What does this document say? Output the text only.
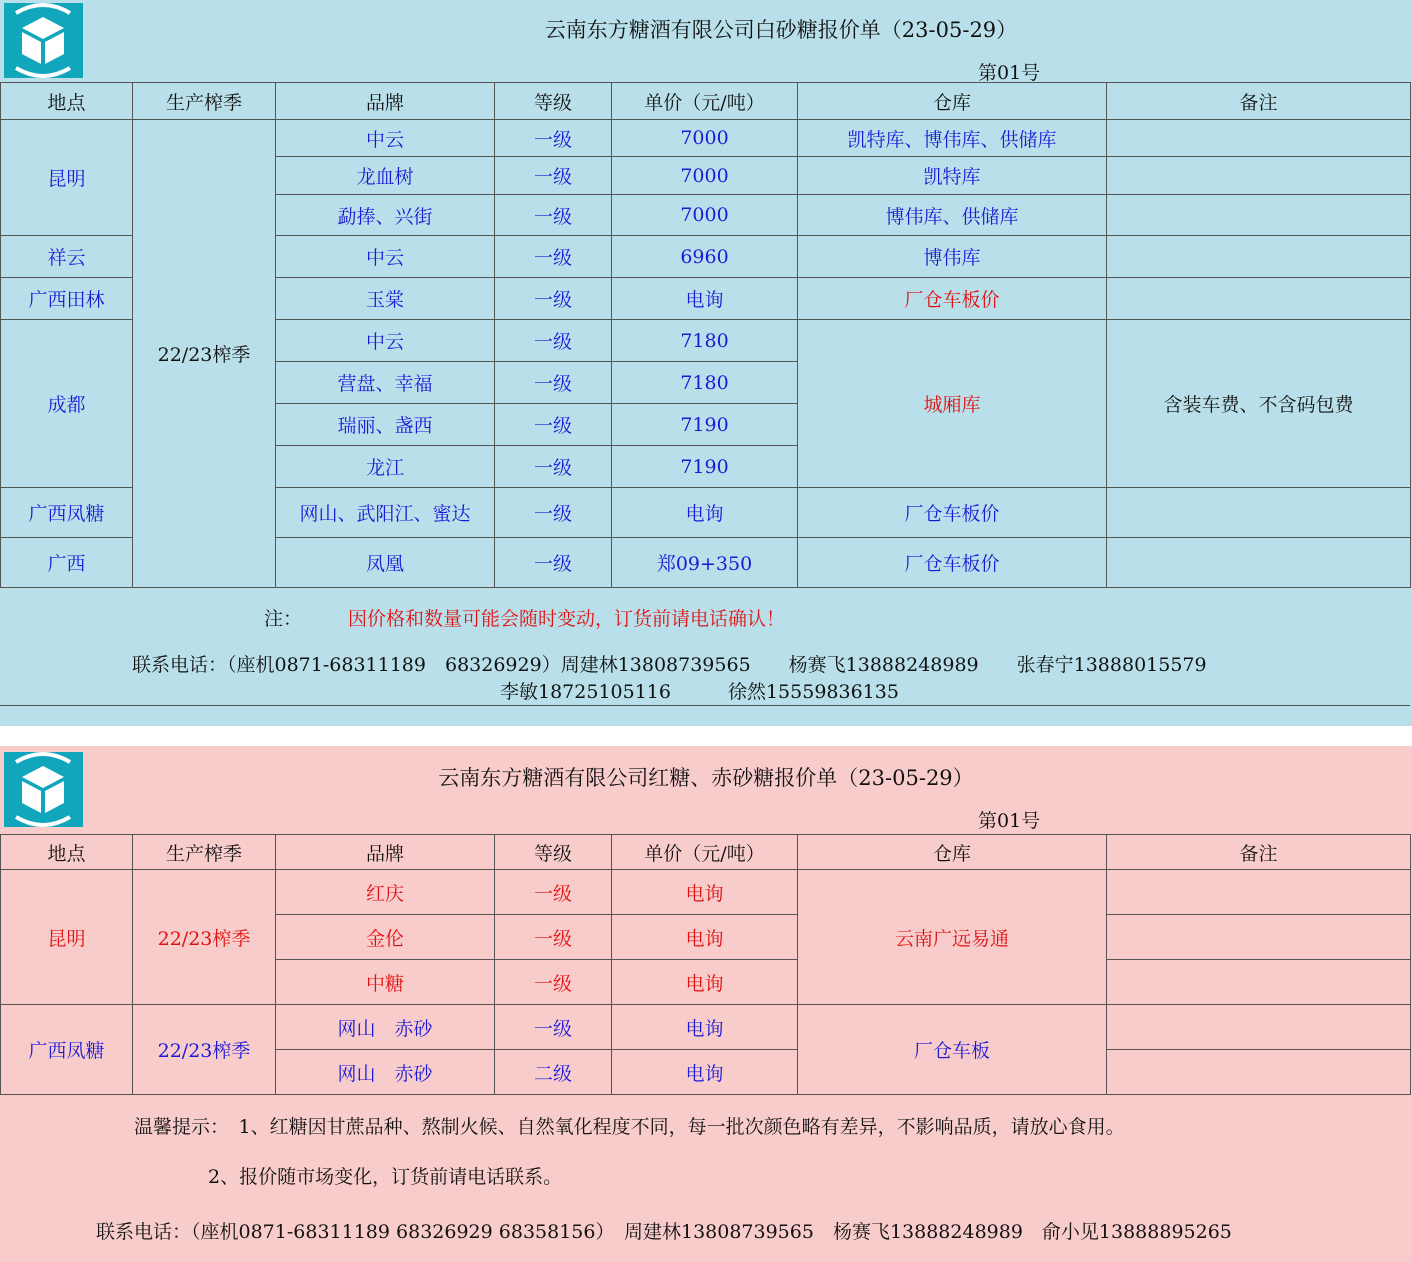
云南东方糖酒有限公司白砂糖报价单（23-05-29）
第01号
地点	生产榨季	品牌	等级	单价（元/吨）	仓库	备注
昆明	22/23榨季	中云	一级	7000	凯特库、博伟库、供储库	
		龙血树	一级	7000	凯特库	
		勐捧、兴街	一级	7000	博伟库、供储库	
祥云		中云	一级	6960	博伟库	
广西田林		玉棠	一级	电询	厂仓车板价	
成都		中云	一级	7180	城厢库	含装车费、不含码包费
		营盘、幸福	一级	7180		
		瑞丽、盏西	一级	7190		
		龙江	一级	7190		
广西凤糖		网山、武阳江、蜜达	一级	电询	厂仓车板价	
广西		凤凰	一级	郑09+350	厂仓车板价	
注： 因价格和数量可能会随时变动，订货前请电话确认！
联系电话：（座机0871-68311189　68326929）周建林13808739565　　杨赛飞13888248989　　张春宁13888015579
李敏18725105116　　　徐然15559836135
云南东方糖酒有限公司红糖、赤砂糖报价单（23-05-29）
第01号
地点	生产榨季	品牌	等级	单价（元/吨）	仓库	备注
昆明	22/23榨季	红庆	一级	电询	云南广远易通	
		金伦	一级	电询		
		中糖	一级	电询		
广西凤糖	22/23榨季	网山　赤砂	一级	电询	厂仓车板	
		网山　赤砂	二级	电询		
温馨提示：　1、红糖因甘蔗品种、熬制火候、自然氧化程度不同，每一批次颜色略有差异，不影响品质，请放心食用。
2、报价随市场变化，订货前请电话联系。
联系电话：（座机0871-68311189 68326929 68358156）　周建林13808739565　杨赛飞13888248989　俞小见13888895265
